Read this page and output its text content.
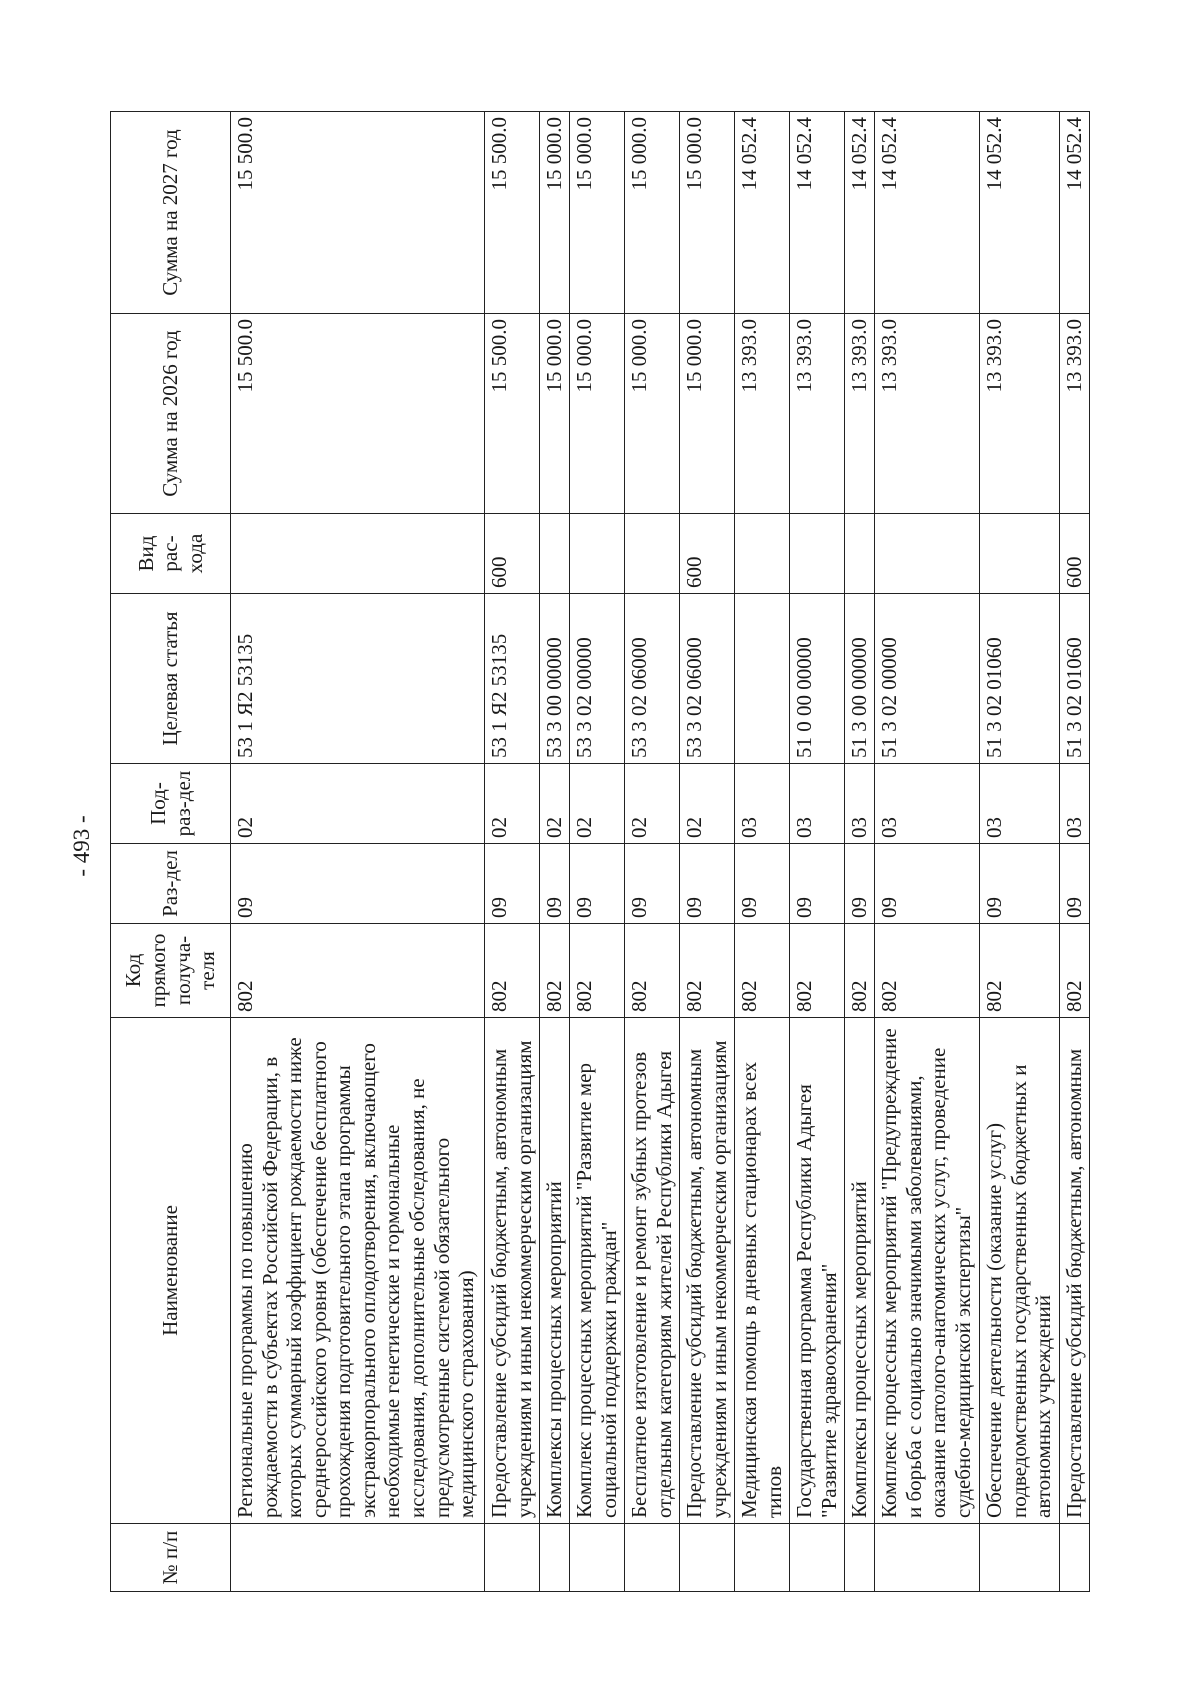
- 493 -
№ п/п	Наименование	Код прямого получа-теля	Раз-дел	Под-раз-дел	Целевая статья	Вид рас-хода	Сумма на 2026 год	Сумма на 2027 год
	Региональные программы по повышению рождаемости в субъектах Российской Федерации, в которых суммарный коэффициент рождаемости ниже среднероссийского уровня (обеспечение бесплатного прохождения подготовительного этапа программы экстракорпорального оплодотворения, включающего необходимые генетические и гормональные исследования, дополнительные обследования, не предусмотренные системой обязательного медицинского страхования)	802	09	02	53 1 Я2 53135		15 500.0	15 500.0
	Предоставление субсидий бюджетным, автономным учреждениям и иным некоммерческим организациям	802	09	02	53 1 Я2 53135	600	15 500.0	15 500.0
	Комплексы процессных мероприятий	802	09	02	53 3 00 00000		15 000.0	15 000.0
	Комплекс процессных мероприятий "Развитие мер социальной поддержки граждан"	802	09	02	53 3 02 00000		15 000.0	15 000.0
	Бесплатное изготовление и ремонт зубных протезов отдельным категориям жителей Республики Адыгея	802	09	02	53 3 02 06000		15 000.0	15 000.0
	Предоставление субсидий бюджетным, автономным учреждениям и иным некоммерческим организациям	802	09	02	53 3 02 06000	600	15 000.0	15 000.0
	Медицинская помощь в дневных стационарах всех типов	802	09	03			13 393.0	14 052.4
	Государственная программа Республики Адыгея "Развитие здравоохранения"	802	09	03	51 0 00 00000		13 393.0	14 052.4
	Комплексы процессных мероприятий	802	09	03	51 3 00 00000		13 393.0	14 052.4
	Комплекс процессных мероприятий "Предупреждение и борьба с социально значимыми заболеваниями, оказание патолого-анатомических услуг, проведение судебно-медицинской экспертизы"	802	09	03	51 3 02 00000		13 393.0	14 052.4
	Обеспечение деятельности (оказание услуг) подведомственных государственных бюджетных и автономных учреждений	802	09	03	51 3 02 01060		13 393.0	14 052.4
	Предоставление субсидий бюджетным, автономным	802	09	03	51 3 02 01060	600	13 393.0	14 052.4
